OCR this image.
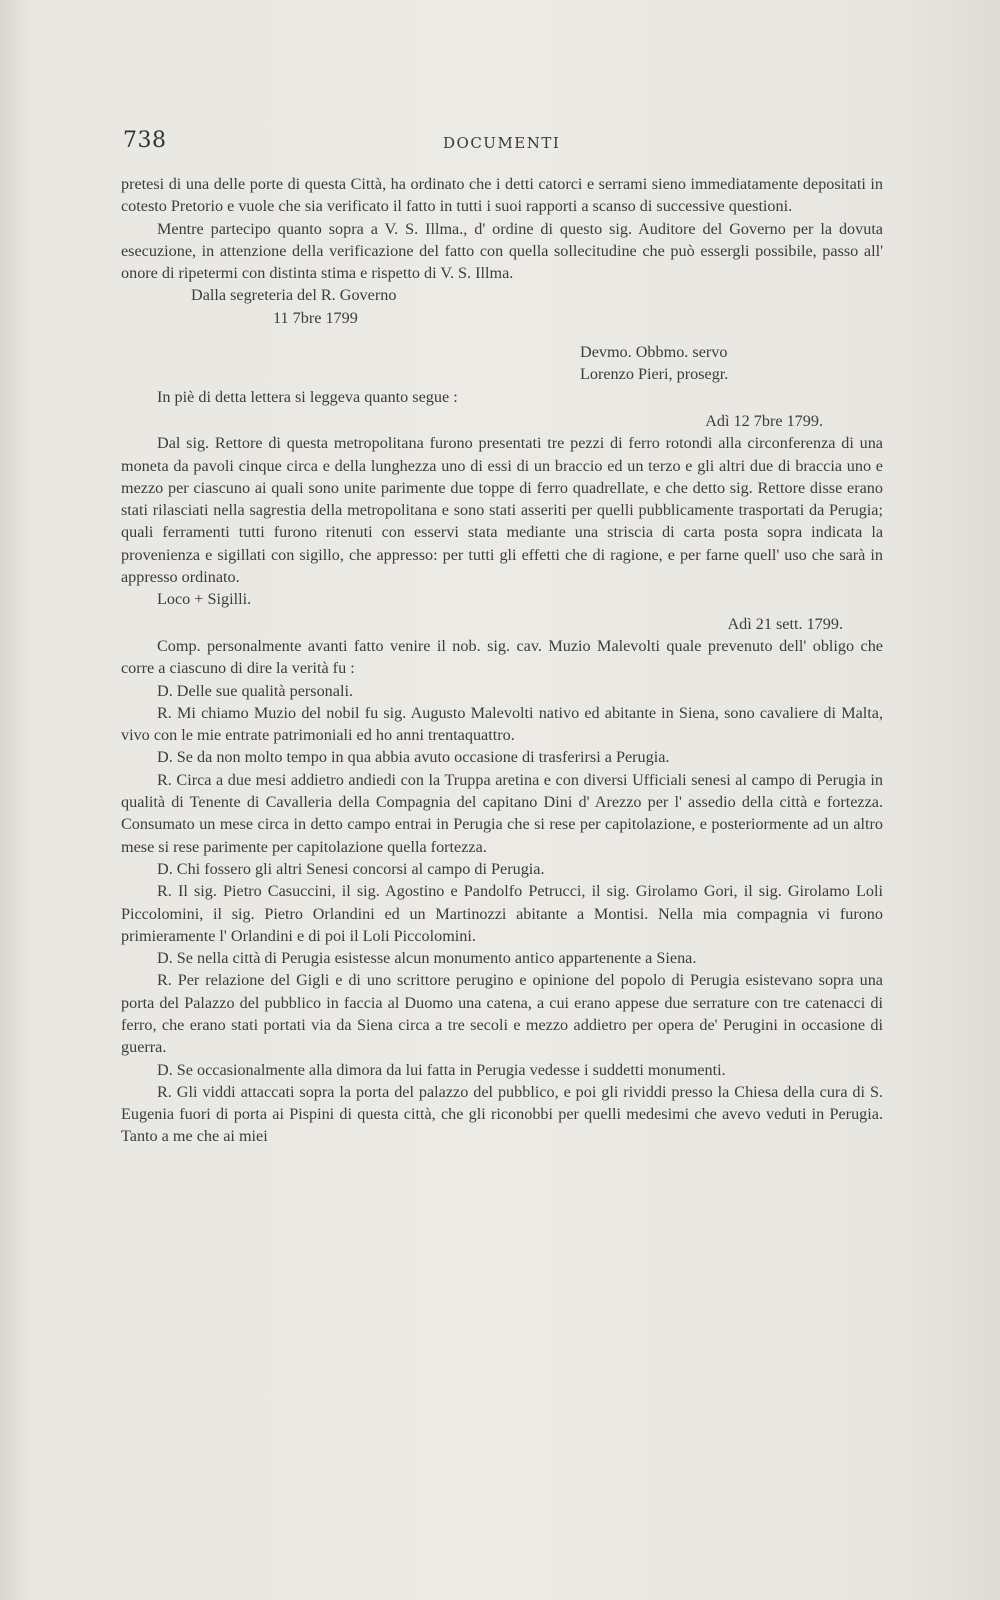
738	DOCUMENTI

pretesi di una delle porte di questa Città, ha ordinato che i detti catorci e serrami sieno immediatamente depositati in cotesto Pretorio e vuole che sia verificato il fatto in tutti i suoi rapporti a scanso di successive questioni.

Mentre partecipo quanto sopra a V. S. Illma., d' ordine di questo sig. Auditore del Governo per la dovuta esecuzione, in attenzione della verificazione del fatto con quella sollecitudine che può essergli possibile, passo all' onore di ripetermi con distinta stima e rispetto di V. S. Illma.

Dalla segreteria del R. Governo

11 7bre 1799

Devmo. Obbmo. servo

Lorenzo Pieri, prosegr.

In piè di detta lettera si leggeva quanto segue :

Adì 12 7bre 1799.

Dal sig. Rettore di questa metropolitana furono presentati tre pezzi di ferro rotondi alla circonferenza di una moneta da pavoli cinque circa e della lunghezza uno di essi di un braccio ed un terzo e gli altri due di braccia uno e mezzo per ciascuno ai quali sono unite parimente due toppe di ferro quadrellate, e che detto sig. Rettore disse erano stati rilasciati nella sagrestia della metropolitana e sono stati asseriti per quelli pubblicamente trasportati da Perugia; quali ferramenti tutti furono ritenuti con esservi stata mediante una striscia di carta posta sopra indicata la provenienza e sigillati con sigillo, che appresso: per tutti gli effetti che di ragione, e per farne quell' uso che sarà in appresso ordinato.

Loco + Sigilli.

Adì 21 sett. 1799.

Comp. personalmente avanti fatto venire il nob. sig. cav. Muzio Malevolti quale prevenuto dell' obligo che corre a ciascuno di dire la verità fu :

D. Delle sue qualità personali.

R. Mi chiamo Muzio del nobil fu sig. Augusto Malevolti nativo ed abitante in Siena, sono cavaliere di Malta, vivo con le mie entrate patrimoniali ed ho anni trentaquattro.

D. Se da non molto tempo in qua abbia avuto occasione di trasferirsi a Perugia.

R. Circa a due mesi addietro andiedi con la Truppa aretina e con diversi Ufficiali senesi al campo di Perugia in qualità di Tenente di Cavalleria della Compagnia del capitano Dini d' Arezzo per l' assedio della città e fortezza. Consumato un mese circa in detto campo entrai in Perugia che si rese per capitolazione, e posteriormente ad un altro mese si rese parimente per capitolazione quella fortezza.

D. Chi fossero gli altri Senesi concorsi al campo di Perugia.

R. Il sig. Pietro Casuccini, il sig. Agostino e Pandolfo Petrucci, il sig. Girolamo Gori, il sig. Girolamo Loli Piccolomini, il sig. Pietro Orlandini ed un Martinozzi abitante a Montisi. Nella mia compagnia vi furono primieramente l' Orlandini e di poi il Loli Piccolomini.

D. Se nella città di Perugia esistesse alcun monumento antico appartenente a Siena.

R. Per relazione del Gigli e di uno scrittore perugino e opinione del popolo di Perugia esistevano sopra una porta del Palazzo del pubblico in faccia al Duomo una catena, a cui erano appese due serrature con tre catenacci di ferro, che erano stati portati via da Siena circa a tre secoli e mezzo addietro per opera de' Perugini in occasione di guerra.

D. Se occasionalmente alla dimora da lui fatta in Perugia vedesse i suddetti monumenti.

R. Gli viddi attaccati sopra la porta del palazzo del pubblico, e poi gli rividdi presso la Chiesa della cura di S. Eugenia fuori di porta ai Pispini di questa città, che gli riconobbi per quelli medesimi che avevo veduti in Perugia. Tanto a me che ai miei
